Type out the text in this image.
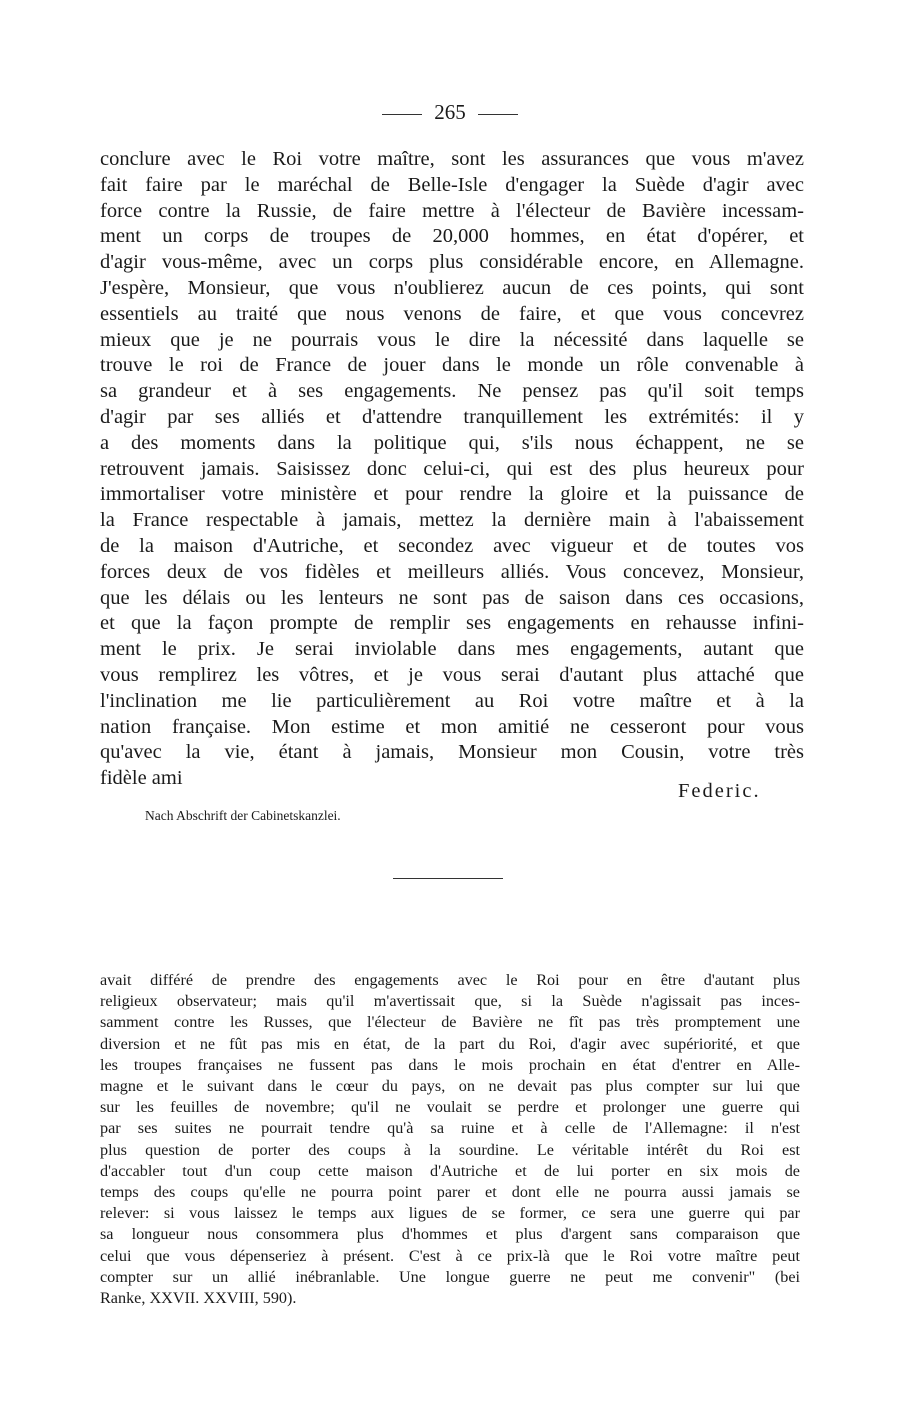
265
conclure avec le Roi votre maître, sont les assurances que vous m'avez
fait faire par le maréchal de Belle-Isle d'engager la Suède d'agir avec
force contre la Russie, de faire mettre à l'électeur de Bavière incessam-
ment un corps de troupes de 20,000 hommes, en état d'opérer, et
d'agir vous-même, avec un corps plus considérable encore, en Allemagne.
J'espère, Monsieur, que vous n'oublierez aucun de ces points, qui sont
essentiels au traité que nous venons de faire, et que vous concevrez
mieux que je ne pourrais vous le dire la nécessité dans laquelle se
trouve le roi de France de jouer dans le monde un rôle convenable à
sa grandeur et à ses engagements. Ne pensez pas qu'il soit temps
d'agir par ses alliés et d'attendre tranquillement les extrémités: il y
a des moments dans la politique qui, s'ils nous échappent, ne se
retrouvent jamais. Saisissez donc celui-ci, qui est des plus heureux pour
immortaliser votre ministère et pour rendre la gloire et la puissance de
la France respectable à jamais, mettez la dernière main à l'abaissement
de la maison d'Autriche, et secondez avec vigueur et de toutes vos
forces deux de vos fidèles et meilleurs alliés. Vous concevez, Monsieur,
que les délais ou les lenteurs ne sont pas de saison dans ces occasions,
et que la façon prompte de remplir ses engagements en rehausse infini-
ment le prix. Je serai inviolable dans mes engagements, autant que
vous remplirez les vôtres, et je vous serai d'autant plus attaché que
l'inclination me lie particulièrement au Roi votre maître et à la
nation française. Mon estime et mon amitié ne cesseront pour vous
qu'avec la vie, étant à jamais, Monsieur mon Cousin, votre très
fidèle ami
Federic.
Nach Abschrift der Cabinetskanzlei.
avait différé de prendre des engagements avec le Roi pour en être d'autant plus
religieux observateur; mais qu'il m'avertissait que, si la Suède n'agissait pas inces-
samment contre les Russes, que l'électeur de Bavière ne fît pas très promptement une
diversion et ne fût pas mis en état, de la part du Roi, d'agir avec supériorité, et que
les troupes françaises ne fussent pas dans le mois prochain en état d'entrer en Alle-
magne et le suivant dans le cœur du pays, on ne devait pas plus compter sur lui que
sur les feuilles de novembre; qu'il ne voulait se perdre et prolonger une guerre qui
par ses suites ne pourrait tendre qu'à sa ruine et à celle de l'Allemagne: il n'est
plus question de porter des coups à la sourdine. Le véritable intérêt du Roi est
d'accabler tout d'un coup cette maison d'Autriche et de lui porter en six mois de
temps des coups qu'elle ne pourra point parer et dont elle ne pourra aussi jamais se
relever: si vous laissez le temps aux ligues de se former, ce sera une guerre qui par
sa longueur nous consommera plus d'hommes et plus d'argent sans comparaison que
celui que vous dépenseriez à présent. C'est à ce prix-là que le Roi votre maître peut
compter sur un allié inébranlable. Une longue guerre ne peut me convenir" (bei
Ranke, XXVII. XXVIII, 590).
